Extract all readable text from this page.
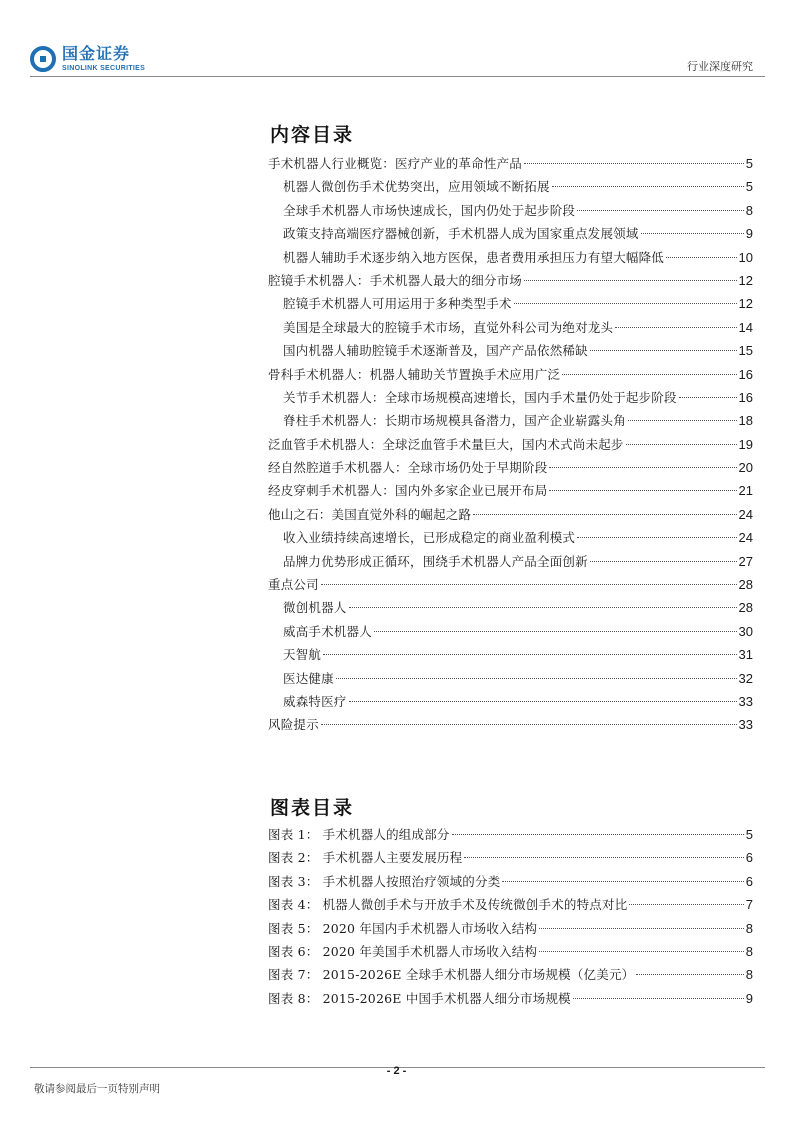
国金证券
SINOLINK SECURITIES	行业深度研究
内容目录
手术机器人行业概览：医疗产业的革命性产品	5
机器人微创伤手术优势突出，应用领域不断拓展	5
全球手术机器人市场快速成长，国内仍处于起步阶段	8
政策支持高端医疗器械创新，手术机器人成为国家重点发展领域	9
机器人辅助手术逐步纳入地方医保，患者费用承担压力有望大幅降低	10
腔镜手术机器人：手术机器人最大的细分市场	12
腔镜手术机器人可用运用于多种类型手术	12
美国是全球最大的腔镜手术市场，直觉外科公司为绝对龙头	14
国内机器人辅助腔镜手术逐渐普及，国产产品依然稀缺	15
骨科手术机器人：机器人辅助关节置换手术应用广泛	16
关节手术机器人：全球市场规模高速增长，国内手术量仍处于起步阶段	16
脊柱手术机器人：长期市场规模具备潜力，国产企业崭露头角	18
泛血管手术机器人：全球泛血管手术量巨大，国内术式尚未起步	19
经自然腔道手术机器人：全球市场仍处于早期阶段	20
经皮穿刺手术机器人：国内外多家企业已展开布局	21
他山之石：美国直觉外科的崛起之路	24
收入业绩持续高速增长，已形成稳定的商业盈利模式	24
品牌力优势形成正循环，围绕手术机器人产品全面创新	27
重点公司	28
微创机器人	28
威高手术机器人	30
天智航	31
医达健康	32
威森特医疗	33
风险提示	33
图表目录
图表 1： 手术机器人的组成部分	5
图表 2： 手术机器人主要发展历程	6
图表 3： 手术机器人按照治疗领域的分类	6
图表 4： 机器人微创手术与开放手术及传统微创手术的特点对比	7
图表 5： 2020 年国内手术机器人市场收入结构	8
图表 6： 2020 年美国手术机器人市场收入结构	8
图表 7： 2015-2026E 全球手术机器人细分市场规模（亿美元）	8
图表 8： 2015-2026E 中国手术机器人细分市场规模	9
- 2 -
敬请参阅最后一页特别声明
